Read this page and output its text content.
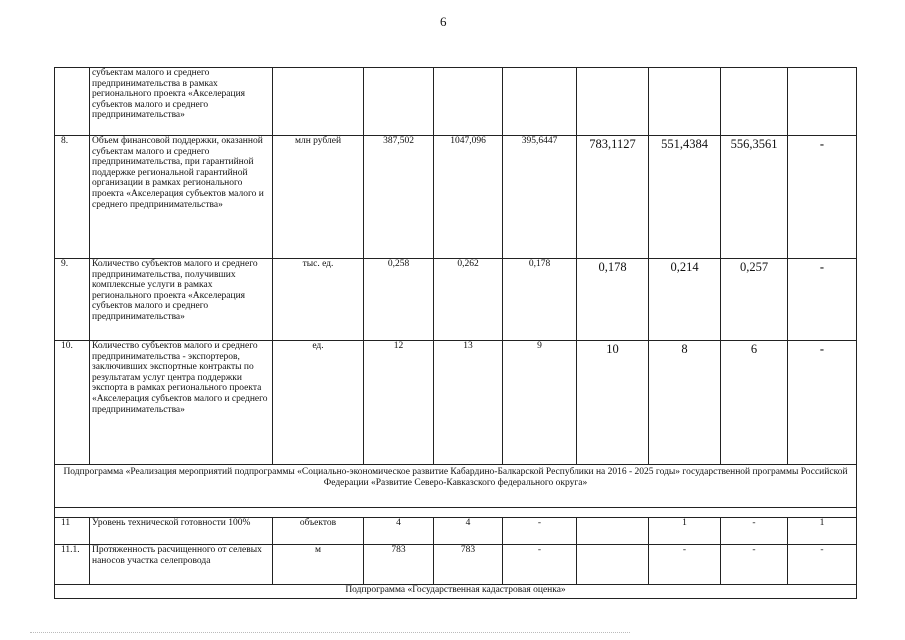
6
	субъектам малого и среднего предпринимательства в рамках регионального проекта «Акселерация субъектов малого и среднего предпринимательства»								
8.	Объем финансовой поддержки, оказанной субъектам малого и среднего предпринимательства, при гарантийной поддержке региональной гарантийной организации в рамках регионального проекта «Акселерация субъектов малого и среднего предпринимательства»	млн рублей	387,502	1047,096	395,6447	783,1127	551,4384	556,3561	-
9.	Количество субъектов малого и среднего предпринимательства, получивших комплексные услуги в рамках регионального проекта «Акселерация субъектов малого и среднего предпринимательства»	тыс. ед.	0,258	0,262	0,178	0,178	0,214	0,257	-
10.	Количество субъектов малого и среднего предпринимательства - экспортеров, заключивших экспортные контракты по результатам услуг центра поддержки экспорта в рамках регионального проекта «Акселерация субъектов малого и среднего предпринимательства»	ед.	12	13	9	10	8	6	-
Подпрограмма «Реализация мероприятий подпрограммы «Социально-экономическое развитие Кабардино-Балкарской Республики на 2016 - 2025 годы» государственной программы Российской Федерации «Развитие Северо-Кавказского федерального округа»									

11	Уровень технической готовности 100%	объектов	4	4	-		1	-	1
11.1.	Протяженность расчищенного от селевых наносов участка селепровода	м	783	783	-		-	-	-
Подпрограмма «Государственная кадастровая оценка»									
